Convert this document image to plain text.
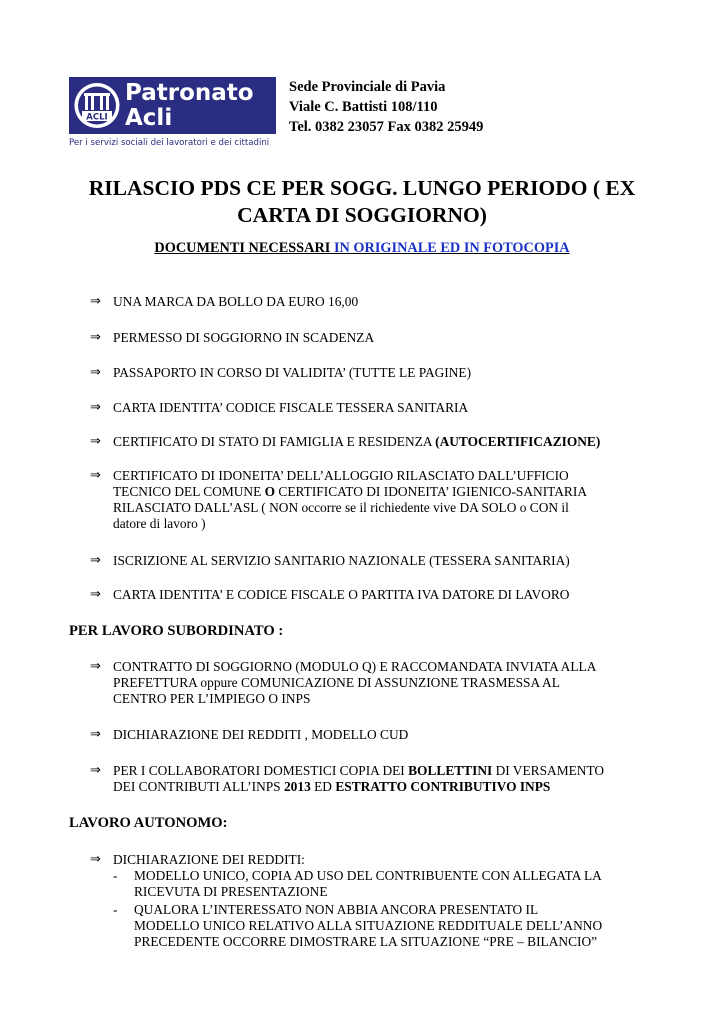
ACLI
Patronato
Acli
Per i servizi sociali dei lavoratori e dei cittadini
Sede Provinciale di Pavia
Viale C. Battisti 108/110
Tel. 0382 23057 Fax 0382 25949
RILASCIO PDS CE PER SOGG. LUNGO PERIODO ( EX
CARTA DI SOGGIORNO)
DOCUMENTI NECESSARI IN ORIGINALE ED IN FOTOCOPIA
⇒ UNA MARCA DA BOLLO DA EURO 16,00
⇒ PERMESSO DI SOGGIORNO IN SCADENZA
⇒ PASSAPORTO IN CORSO DI VALIDITA’ (TUTTE LE PAGINE)
⇒ CARTA IDENTITA’ CODICE FISCALE TESSERA SANITARIA
⇒ CERTIFICATO DI STATO DI FAMIGLIA E RESIDENZA (AUTOCERTIFICAZIONE)
⇒ CERTIFICATO DI IDONEITA’ DELL’ALLOGGIO RILASCIATO DALL’UFFICIO
TECNICO DEL COMUNE O CERTIFICATO DI IDONEITA’ IGIENICO-SANITARIA
RILASCIATO DALL’ASL ( NON occorre se il richiedente vive DA SOLO o CON il
datore di lavoro )
⇒ ISCRIZIONE AL SERVIZIO SANITARIO NAZIONALE (TESSERA SANITARIA)
⇒ CARTA IDENTITA’ E CODICE FISCALE O PARTITA IVA DATORE DI LAVORO
PER LAVORO SUBORDINATO :
⇒ CONTRATTO DI SOGGIORNO (MODULO Q) E RACCOMANDATA INVIATA ALLA
PREFETTURA oppure COMUNICAZIONE DI ASSUNZIONE TRASMESSA AL
CENTRO PER L’IMPIEGO O INPS
⇒ DICHIARAZIONE DEI REDDITI , MODELLO CUD
⇒ PER I COLLABORATORI DOMESTICI COPIA DEI BOLLETTINI DI VERSAMENTO
DEI CONTRIBUTI ALL’INPS 2013 ED ESTRATTO CONTRIBUTIVO INPS
LAVORO AUTONOMO:
⇒ DICHIARAZIONE DEI REDDITI:
- MODELLO UNICO, COPIA AD USO DEL CONTRIBUENTE CON ALLEGATA LA
RICEVUTA DI PRESENTAZIONE
- QUALORA L’INTERESSATO NON ABBIA ANCORA PRESENTATO IL
MODELLO UNICO RELATIVO ALLA SITUAZIONE REDDITUALE DELL’ANNO
PRECEDENTE OCCORRE DIMOSTRARE LA SITUAZIONE “PRE – BILANCIO”
